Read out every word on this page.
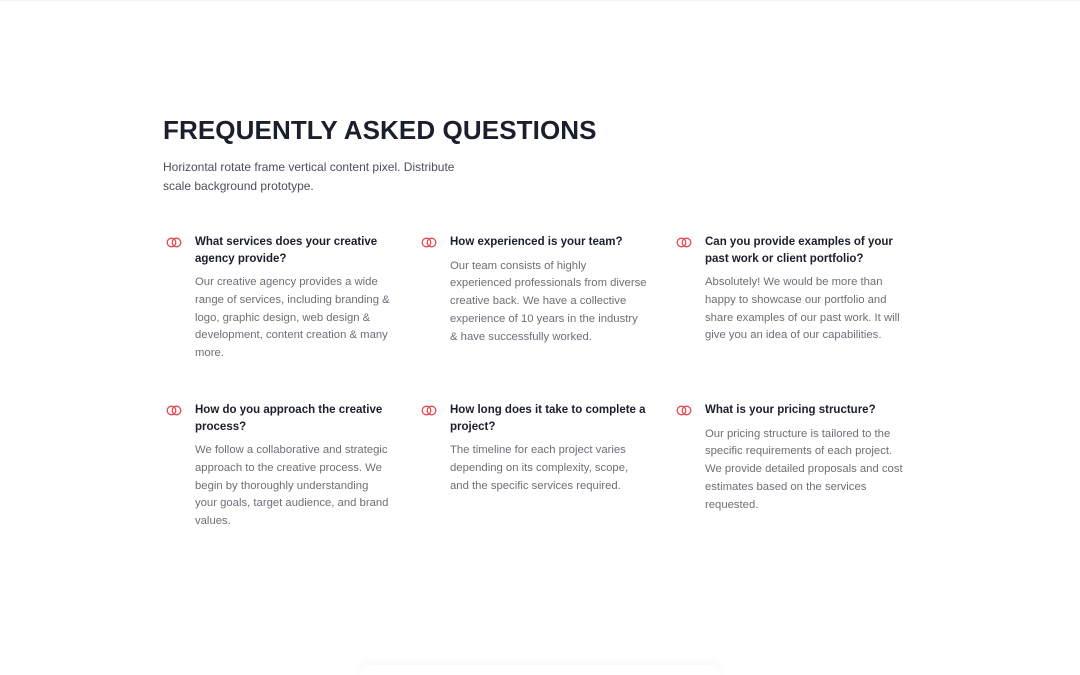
FREQUENTLY ASKED QUESTIONS

Horizontal rotate frame vertical content pixel. Distribute scale background prototype.

What services does your creative agency provide?
Our creative agency provides a wide range of services, including branding & logo, graphic design, web design & development, content creation & many more.
How experienced is your team?
Our team consists of highly experienced professionals from diverse creative back. We have a collective experience of 10 years in the industry & have successfully worked.
Can you provide examples of your past work or client portfolio?
Absolutely! We would be more than happy to showcase our portfolio and share examples of our past work. It will give you an idea of our capabilities.
How do you approach the creative process?
We follow a collaborative and strategic approach to the creative process. We begin by thoroughly understanding your goals, target audience, and brand values.
How long does it take to complete a project?
The timeline for each project varies depending on its complexity, scope, and the specific services required.
What is your pricing structure?
Our pricing structure is tailored to the specific requirements of each project. We provide detailed proposals and cost estimates based on the services requested.
